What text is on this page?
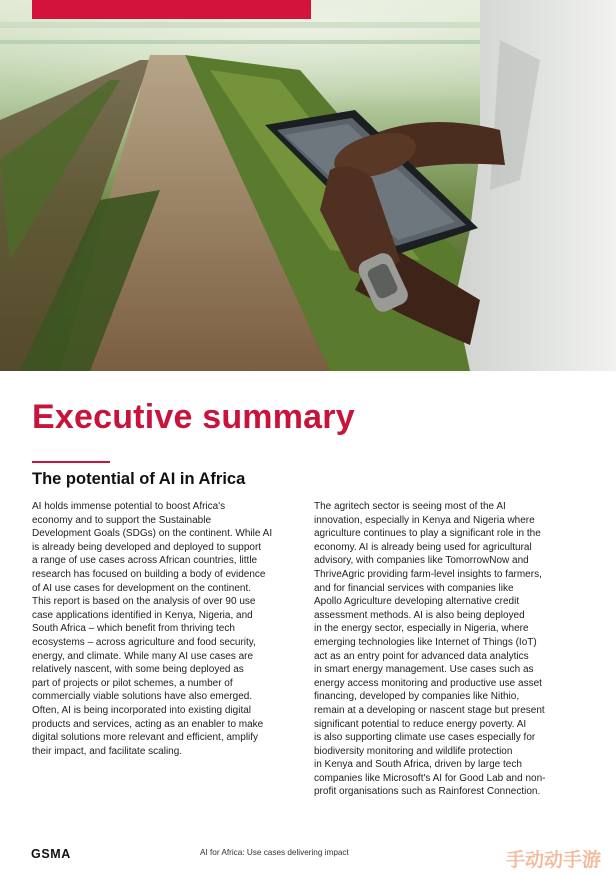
Executive summary
The potential of AI in Africa

AI holds immense potential to boost Africa's
economy and to support the Sustainable
Development Goals (SDGs) on the continent. While AI
is already being developed and deployed to support
a range of use cases across African countries, little
research has focused on building a body of evidence
of AI use cases for development on the continent.
This report is based on the analysis of over 90 use
case applications identified in Kenya, Nigeria, and
South Africa – which benefit from thriving tech
ecosystems – across agriculture and food security,
energy, and climate. While many AI use cases are
relatively nascent, with some being deployed as
part of projects or pilot schemes, a number of
commercially viable solutions have also emerged.
Often, AI is being incorporated into existing digital
products and services, acting as an enabler to make
digital solutions more relevant and efficient, amplify
their impact, and facilitate scaling.

The agritech sector is seeing most of the AI
innovation, especially in Kenya and Nigeria where
agriculture continues to play a significant role in the
economy. AI is already being used for agricultural
advisory, with companies like TomorrowNow and
ThriveAgric providing farm-level insights to farmers,
and for financial services with companies like
Apollo Agriculture developing alternative credit
assessment methods. AI is also being deployed
in the energy sector, especially in Nigeria, where
emerging technologies like Internet of Things (IoT)
act as an entry point for advanced data analytics
in smart energy management. Use cases such as
energy access monitoring and productive use asset
financing, developed by companies like Nithio,
remain at a developing or nascent stage but present
significant potential to reduce energy poverty. AI
is also supporting climate use cases especially for
biodiversity monitoring and wildlife protection
in Kenya and South Africa, driven by large tech
companies like Microsoft's AI for Good Lab and non-
profit organisations such as Rainforest Connection.

GSMA	AI for Africa: Use cases delivering impact	手动动手游
